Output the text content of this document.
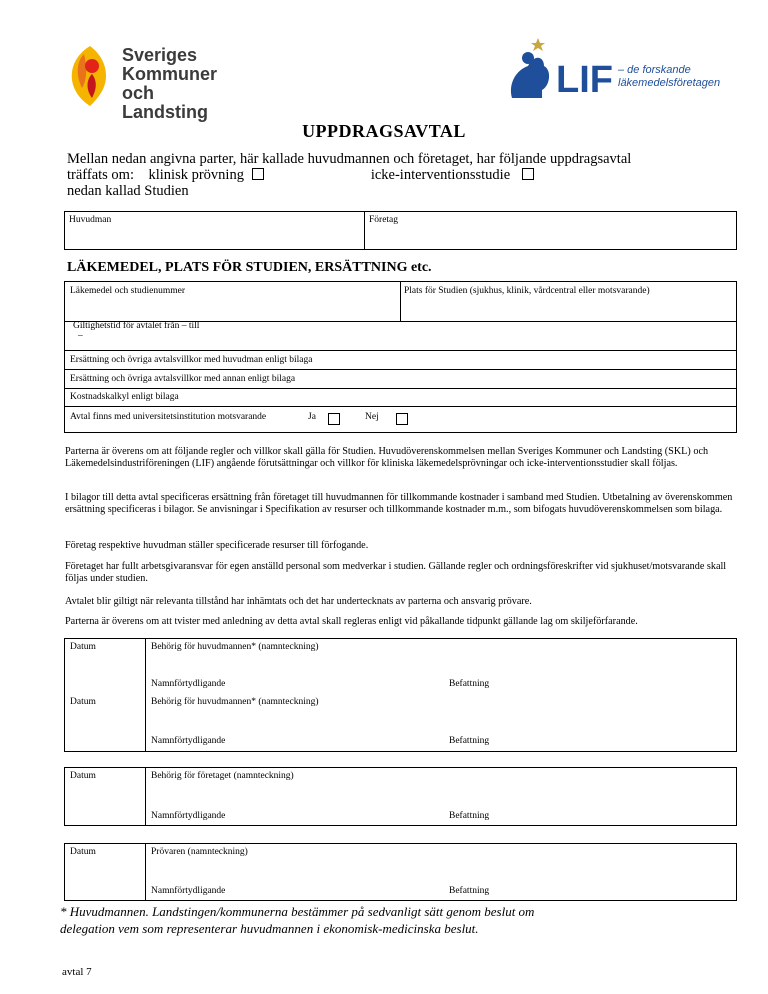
Sveriges
Kommuner
och Landsting
LIF – de forskande
läkemedelsföretagen
UPPDRAGSAVTAL
Mellan nedan angivna parter, här kallade huvudmannen och företaget, har följande uppdragsavtal
träffats om: klinisk prövning	icke-interventionsstudie
nedan kallad Studien
Huvudman	Företag
LÄKEMEDEL, PLATS FÖR STUDIEN, ERSÄTTNING etc.
Läkemedel och studienummer	Plats för Studien (sjukhus, klinik, vårdcentral eller motsvarande)
Giltighetstid för avtalet från – till
–
Ersättning och övriga avtalsvillkor med huvudman enligt bilaga
Ersättning och övriga avtalsvillkor med annan enligt bilaga
Kostnadskalkyl enligt bilaga
Avtal finns med universitetsinstitution motsvarande	Ja	Nej
Parterna är överens om att följande regler och villkor skall gälla för Studien. Huvudöverenskommelsen mellan Sveriges Kommuner och Landsting (SKL) och Läkemedelsindustriföreningen (LIF) angående förutsättningar och villkor för kliniska läkemedelsprövningar och icke-interventionsstudier skall följas.
I bilagor till detta avtal specificeras ersättning från företaget till huvudmannen för tillkommande kostnader i samband med Studien. Utbetalning av överenskommen ersättning specificeras i bilagor. Se anvisningar i Specifikation av resurser och tillkommande kostnader m.m., som bifogats huvudöverenskommelsen som bilaga.
Företag respektive huvudman ställer specificerade resurser till förfogande.
Företaget har fullt arbetsgivaransvar för egen anställd personal som medverkar i studien. Gällande regler och ordningsföreskrifter vid sjukhuset/motsvarande skall följas under studien.
Avtalet blir giltigt när relevanta tillstånd har inhämtats och det har undertecknats av parterna och ansvarig prövare.
Parterna är överens om att tvister med anledning av detta avtal skall regleras enligt vid påkallande tidpunkt gällande lag om skiljeförfarande.
Datum	Behörig för huvudmannen* (namnteckning)
Namnförtydligande	Befattning
Datum	Behörig för huvudmannen* (namnteckning)
Namnförtydligande	Befattning
Datum	Behörig för företaget (namnteckning)
Namnförtydligande	Befattning
Datum	Prövaren (namnteckning)
Namnförtydligande	Befattning
* Huvudmannen. Landstingen/kommunerna bestämmer på sedvanligt sätt genom beslut om
delegation vem som representerar huvudmannen i ekonomisk-medicinska beslut.
avtal 7
